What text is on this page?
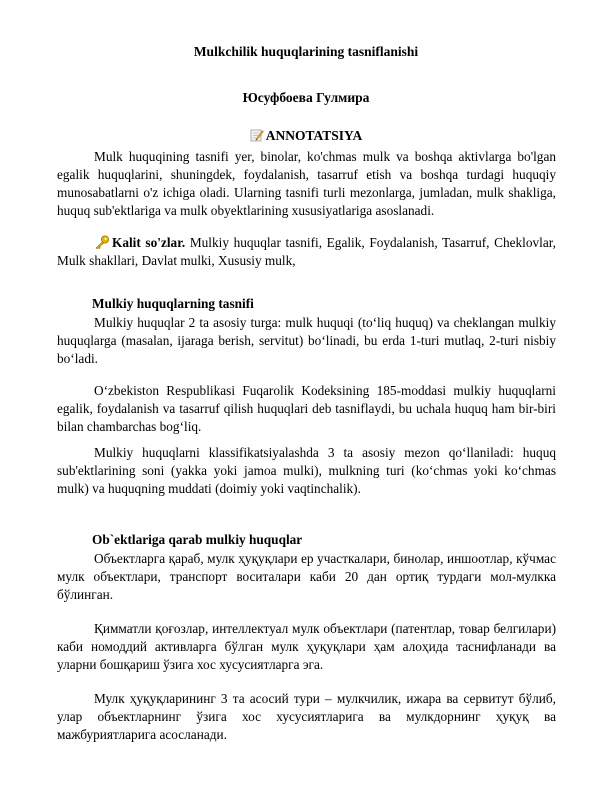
Mulkchilik huquqlarining tasniflanishi

Юсуфбоева Гулмира

ANNOTATSIYA

Mulk huquqining tasnifi yer, binolar, ko'chmas mulk va boshqa aktivlarga bo'lgan egalik huquqlarini, shuningdek, foydalanish, tasarruf etish va boshqa turdagi huquqiy munosabatlarni o'z ichiga oladi. Ularning tasnifi turli mezonlarga, jumladan, mulk shakliga, huquq sub'ektlariga va mulk obyektlarining xususiyatlariga asoslanadi.

Kalit so'zlar. Mulkiy huquqlar tasnifi, Egalik, Foydalanish, Tasarruf, Cheklovlar, Mulk shakllari, Davlat mulki, Xususiy mulk,

Mulkiy huquqlarning tasnifi

Mulkiy huquqlar 2 ta asosiy turga: mulk huquqi (toʻliq huquq) va cheklangan mulkiy huquqlarga (masalan, ijaraga berish, servitut) boʻlinadi, bu erda 1-turi mutlaq, 2-turi nisbiy boʻladi.

Oʻzbekiston Respublikasi Fuqarolik Kodeksining 185-moddasi mulkiy huquqlarni egalik, foydalanish va tasarruf qilish huquqlari deb tasniflaydi, bu uchala huquq ham bir-biri bilan chambarchas bogʻliq.

Mulkiy huquqlarni klassifikatsiyalashda 3 ta asosiy mezon qoʻllaniladi: huquq sub'ektlarining soni (yakka yoki jamoa mulki), mulkning turi (koʻchmas yoki koʻchmas mulk) va huquqning muddati (doimiy yoki vaqtinchalik).

Ob`ektlariga qarab mulkiy huquqlar

Объектларга қараб, мулк ҳуқуқлари ер участкалари, бинолар, иншоотлар, кўчмас мулк объектлари, транспорт воситалари каби 20 дан ортиқ турдаги мол-мулкка бўлинган.

Қимматли қоғозлар, интеллектуал мулк объектлари (патентлар, товар белгилари) каби номоддий активларга бўлган мулк ҳуқуқлари ҳам алоҳида таснифланади ва уларни бошқариш ўзига хос хусусиятларга эга.

Мулк ҳуқуқларининг 3 та асосий тури – мулкчилик, ижара ва сервитут бўлиб, улар объектларнинг ўзига хос хусусиятларига ва мулкдорнинг ҳуқуқ ва мажбуриятларига асосланади.
